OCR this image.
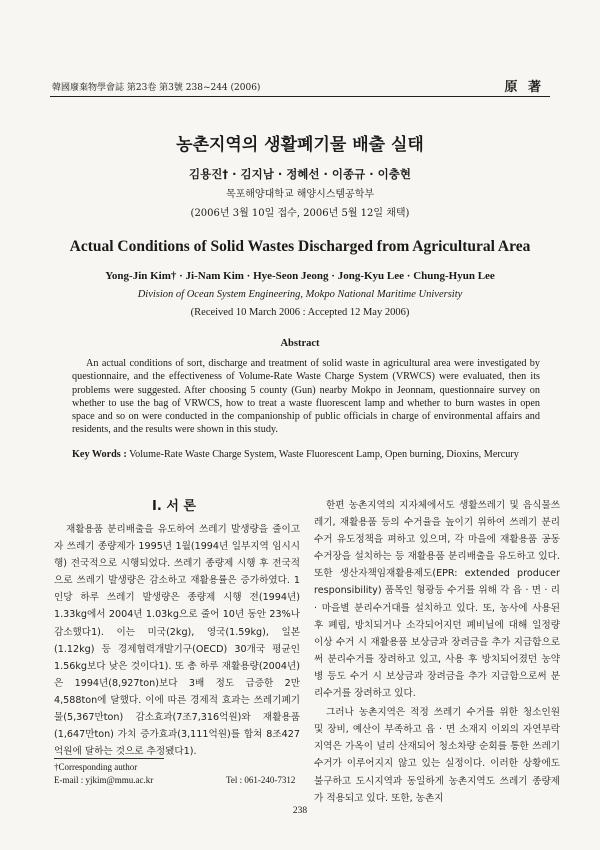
韓國廢棄物學會誌 第23卷 第3號 238~244 (2006)	原 著
농촌지역의 생활폐기물 배출 실태
김용진† · 김지남 · 정혜선 · 이종규 · 이충현
목포해양대학교 해양시스템공학부
(2006년 3월 10일 접수, 2006년 5월 12일 채택)
Actual Conditions of Solid Wastes Discharged from Agricultural Area
Yong-Jin Kim† · Ji-Nam Kim · Hye-Seon Jeong · Jong-Kyu Lee · Chung-Hyun Lee
Division of Ocean System Engineering, Mokpo National Maritime University
(Received 10 March 2006 : Accepted 12 May 2006)
Abstract
An actual conditions of sort, discharge and treatment of solid waste in agricultural area were investigated by questionnaire, and the effectiveness of Volume-Rate Waste Charge System (VRWCS) were evaluated, then its problems were suggested. After choosing 5 county (Gun) nearby Mokpo in Jeonnam, questionnaire survey on whether to use the bag of VRWCS, how to treat a waste fluorescent lamp and whether to burn wastes in open space and so on were conducted in the companionship of public officials in charge of environmental affairs and residents, and the results were shown in this study.
Key Words : Volume-Rate Waste Charge System, Waste Fluorescent Lamp, Open burning, Dioxins, Mercury
I. 서 론

재활용품 분리배출을 유도하여 쓰레기 발생량을 줄이고자 쓰레기 종량제가 1995년 1월(1994년 일부지역 임시시행) 전국적으로 시행되었다. 쓰레기 종량제 시행 후 전국적으로 쓰레기 발생량은 감소하고 재활용률은 증가하였다. 1인당 하루 쓰레기 발생량은 종량제 시행 전(1994년) 1.33kg에서 2004년 1.03kg으로 줄어 10년 동안 23%나 감소했다1). 이는 미국(2kg), 영국(1.59kg), 일본(1.12kg) 등 경제협력개발기구(OECD) 30개국 평균인 1.56kg보다 낮은 것이다1). 또 총 하루 재활용량(2004년)은 1994년(8,927ton)보다 3배 정도 급증한 2만 4,588ton에 달했다. 이에 따른 경제적 효과는 쓰레기폐기물(5,367만ton) 감소효과(7조7,316억원)와 재활용품(1,647만ton) 가치 증가효과(3,111억원)를 합쳐 8조427억원에 달하는 것으로 추정됐다1).

한편 농촌지역의 지자체에서도 생활쓰레기 및 음식물쓰레기, 재활용품 등의 수거율을 높이기 위하여 쓰레기 분리수거 유도정책을 펴하고 있으며, 각 마을에 재활용품 공동 수거장을 설치하는 등 재활용품 분리배출을 유도하고 있다. 또한 생산자책임재활용제도(EPR: extended producer responsibility) 품목인 형광등 수거를 위해 각 읍 · 면 · 리 · 마을별 분리수거대를 설치하고 있다. 또, 농사에 사용된 후 폐립, 방치되거나 소각되어지던 폐비닐에 대해 일정량 이상 수거 시 재활용품 보상금과 장려금을 추가 지급함으로써 분리수거를 장려하고 있고, 사용 후 방치되어졌던 농약병 등도 수거 시 보상금과 장려금을 추가 지급함으로써 분리수거를 장려하고 있다.

그러나 농촌지역은 적정 쓰레기 수거를 위한 청소인원 및 장비, 예산이 부족하고 읍 · 면 소재지 이외의 자연부락 지역은 가옥이 널리 산재되어 청소차량 순회를 통한 쓰레기 수거가 이루어지지 않고 있는 실정이다. 이러한 상황에도 불구하고 도시지역과 동일하게 농촌지역도 쓰레기 종량제가 적용되고 있다. 또한, 농촌지

†Corresponding author
E-mail : yjkim@mmu.ac.kr	Tel : 061-240-7312
238
